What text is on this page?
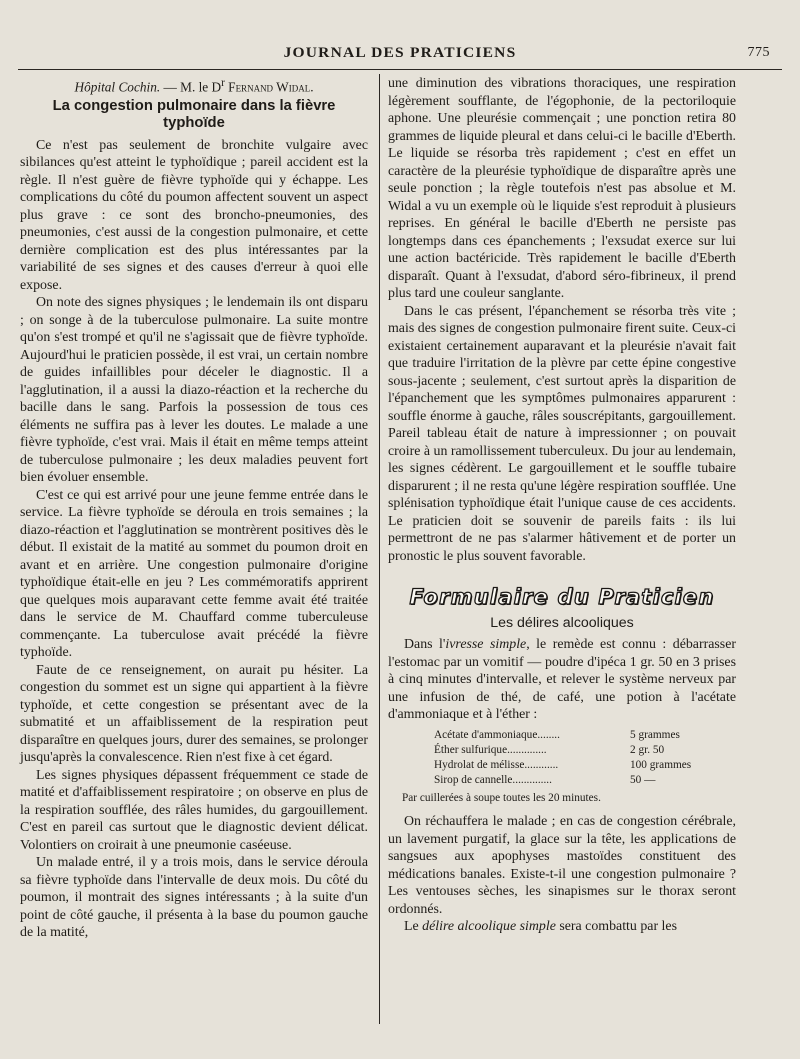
JOURNAL DES PRATICIENS	775
Hôpital Cochin. — M. le $D^r$ Fernand Widal.
La congestion pulmonaire dans la fièvre typhoïde

Ce n'est pas seulement de bronchite vulgaire avec sibilances qu'est atteint le typhoïdique ; pareil accident est la règle. Il n'est guère de fièvre typhoïde qui y échappe. Les complications du côté du poumon affectent souvent un aspect plus grave : ce sont des broncho-pneumonies, des pneumonies, c'est aussi de la congestion pulmonaire, et cette dernière complication est des plus intéressantes par la variabilité de ses signes et des causes d'erreur à quoi elle expose.

On note des signes physiques ; le lendemain ils ont disparu ; on songe à de la tuberculose pulmonaire. La suite montre qu'on s'est trompé et qu'il ne s'agissait que de fièvre typhoïde. Aujourd'hui le praticien possède, il est vrai, un certain nombre de guides infaillibles pour déceler le diagnostic. Il a l'agglutination, il a aussi la diazo-réaction et la recherche du bacille dans le sang. Parfois la possession de tous ces éléments ne suffira pas à lever les doutes. Le malade a une fièvre typhoïde, c'est vrai. Mais il était en même temps atteint de tuberculose pulmonaire ; les deux maladies peuvent fort bien évoluer ensemble.

C'est ce qui est arrivé pour une jeune femme entrée dans le service. La fièvre typhoïde se déroula en trois semaines ; la diazo-réaction et l'agglutination se montrèrent positives dès le début. Il existait de la matité au sommet du poumon droit en avant et en arrière. Une congestion pulmonaire d'origine typhoïdique était-elle en jeu ? Les commémoratifs apprirent que quelques mois auparavant cette femme avait été traitée dans le service de M. Chauffard comme tuberculeuse commençante. La tuberculose avait précédé la fièvre typhoïde.

Faute de ce renseignement, on aurait pu hésiter. La congestion du sommet est un signe qui appartient à la fièvre typhoïde, et cette congestion se présentant avec de la submatité et un affaiblissement de la respiration peut disparaître en quelques jours, durer des semaines, se prolonger jusqu'après la convalescence. Rien n'est fixe à cet égard.

Les signes physiques dépassent fréquemment ce stade de matité et d'affaiblissement respiratoire ; on observe en plus de la respiration soufflée, des râles humides, du gargouillement. C'est en pareil cas surtout que le diagnostic devient délicat. Volontiers on croirait à une pneumonie caséeuse.

Un malade entré, il y a trois mois, dans le service déroula sa fièvre typhoïde dans l'intervalle de deux mois. Du côté du poumon, il montrait des signes intéressants ; à la suite d'un point de côté gauche, il présenta à la base du poumon gauche de la matité,

une diminution des vibrations thoraciques, une respiration légèrement soufflante, de l'égophonie, de la pectoriloquie aphone. Une pleurésie commençait ; une ponction retira 80 grammes de liquide pleural et dans celui-ci le bacille d'Eberth. Le liquide se résorba très rapidement ; c'est en effet un caractère de la pleurésie typhoïdique de disparaître après une seule ponction ; la règle toutefois n'est pas absolue et M. Widal a vu un exemple où le liquide s'est reproduit à plusieurs reprises. En général le bacille d'Eberth ne persiste pas longtemps dans ces épanchements ; l'exsudat exerce sur lui une action bactéricide. Très rapidement le bacille d'Eberth disparaît. Quant à l'exsudat, d'abord séro-fibrineux, il prend plus tard une couleur sanglante.

Dans le cas présent, l'épanchement se résorba très vite ; mais des signes de congestion pulmonaire firent suite. Ceux-ci existaient certainement auparavant et la pleurésie n'avait fait que traduire l'irritation de la plèvre par cette épine congestive sous-jacente ; seulement, c'est surtout après la disparition de l'épanchement que les symptômes pulmonaires apparurent : souffle énorme à gauche, râles souscrépitants, gargouillement. Pareil tableau était de nature à impressionner ; on pouvait croire à un ramollissement tuberculeux. Du jour au lendemain, les signes cédèrent. Le gargouillement et le souffle tubaire disparurent ; il ne resta qu'une légère respiration soufflée. Une splénisation typhoïdique était l'unique cause de ces accidents. Le praticien doit se souvenir de pareils faits : ils lui permettront de ne pas s'alarmer hâtivement et de porter un pronostic le plus souvent favorable.

Formulaire du Praticien
Les délires alcooliques

Dans l'ivresse simple, le remède est connu : débarrasser l'estomac par un vomitif — poudre d'ipéca 1 gr. 50 en 3 prises à cinq minutes d'intervalle, et relever le système nerveux par une infusion de thé, de café, une potion à l'acétate d'ammoniaque et à l'éther :

Acétate d'ammoniaque........	5 grammes
Éther sulfurique..............	2 gr. 50
Hydrolat de mélisse............	100 grammes
Sirop de cannelle..............	50 —
Par cuillerées à soupe toutes les 20 minutes.

On réchauffera le malade ; en cas de congestion cérébrale, un lavement purgatif, la glace sur la tête, les applications de sangsues aux apophyses mastoïdes constituent des médications banales. Existe-t-il une congestion pulmonaire ? Les ventouses sèches, les sinapismes sur le thorax seront ordonnés.

Le délire alcoolique simple sera combattu par les
